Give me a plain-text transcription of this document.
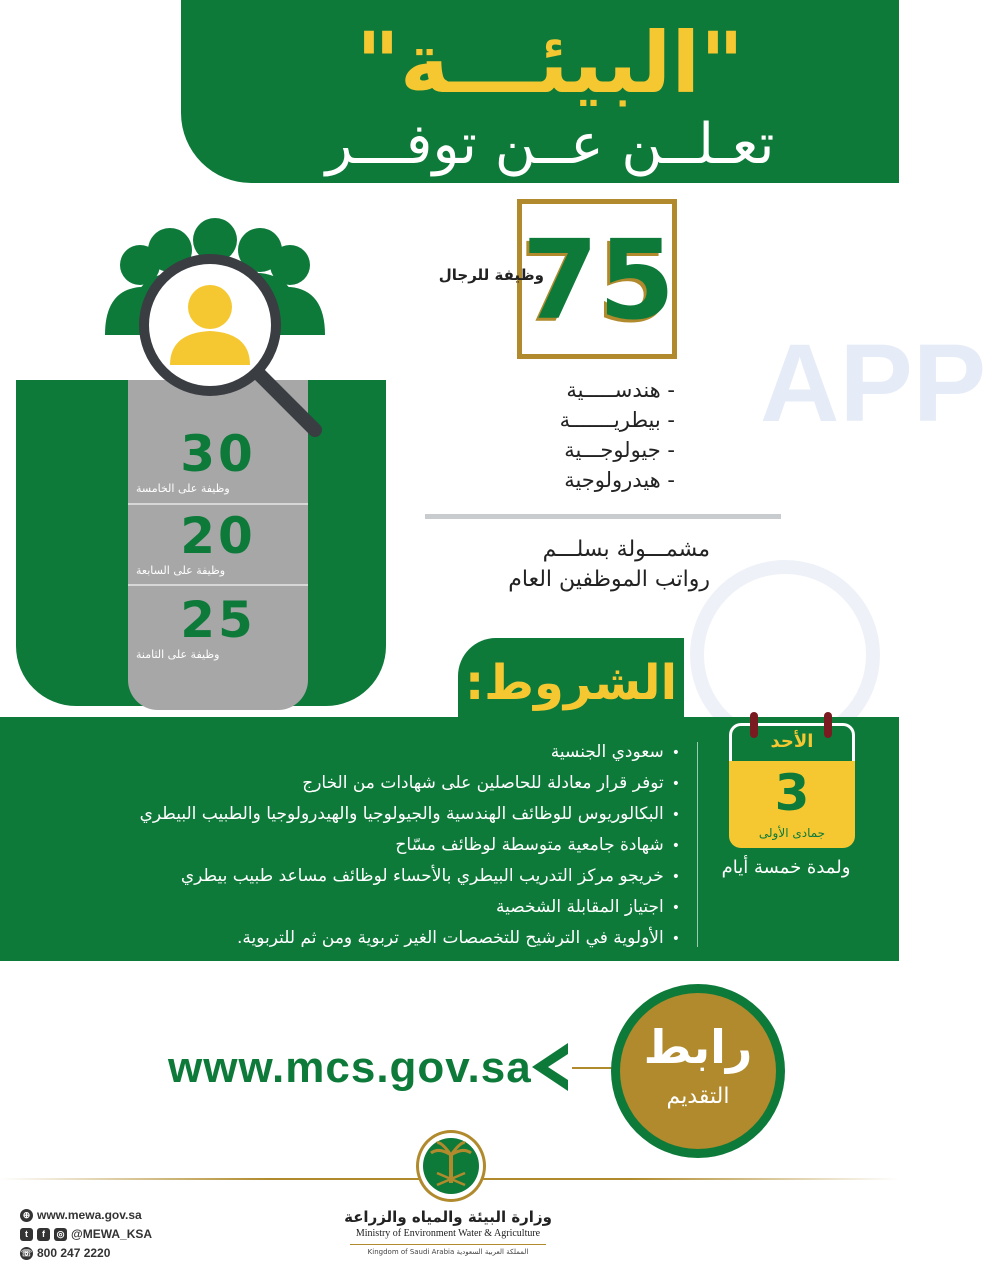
APP
"البيئـــة"
تعـلــن عــن توفـــر
30
وظيفة على الخامسة
20
وظيفة على السابعة
25
وظيفة على الثامنة
75
وظيفة للرجال
- هندســـــية
- بيطريـــــــة
- جيولوجـــية
- هيدرولوجية
مشمـــولة بسلـــم
رواتب الموظفين العام
الشروط:
• سعودي الجنسية
• توفر قرار معادلة للحاصلين على شهادات من الخارج
• البكالوريوس للوظائف الهندسية والجيولوجيا والهيدرولوجيا والطبيب البيطري
• شهادة جامعية متوسطة لوظائف مسّاح
• خريجو مركز التدريب البيطري بالأحساء لوظائف مساعد طبيب بيطري
• اجتياز المقابلة الشخصية
• الأولوية في الترشيح للتخصصات الغير تربوية ومن ثم للتربوية.
الأحد
3
جمادى الأولى
ولمدة خمسة أيام
www.mcs.gov.sa	رابط
التقديم
وزارة البيئة والمياه والزراعة
Ministry of Environment Water & Agriculture
Kingdom of Saudi Arabia المملكة العربية السعودية
⊕ www.mewa.gov.sa
t	f	◎ @MEWA_KSA
☏ 800 247 2220
